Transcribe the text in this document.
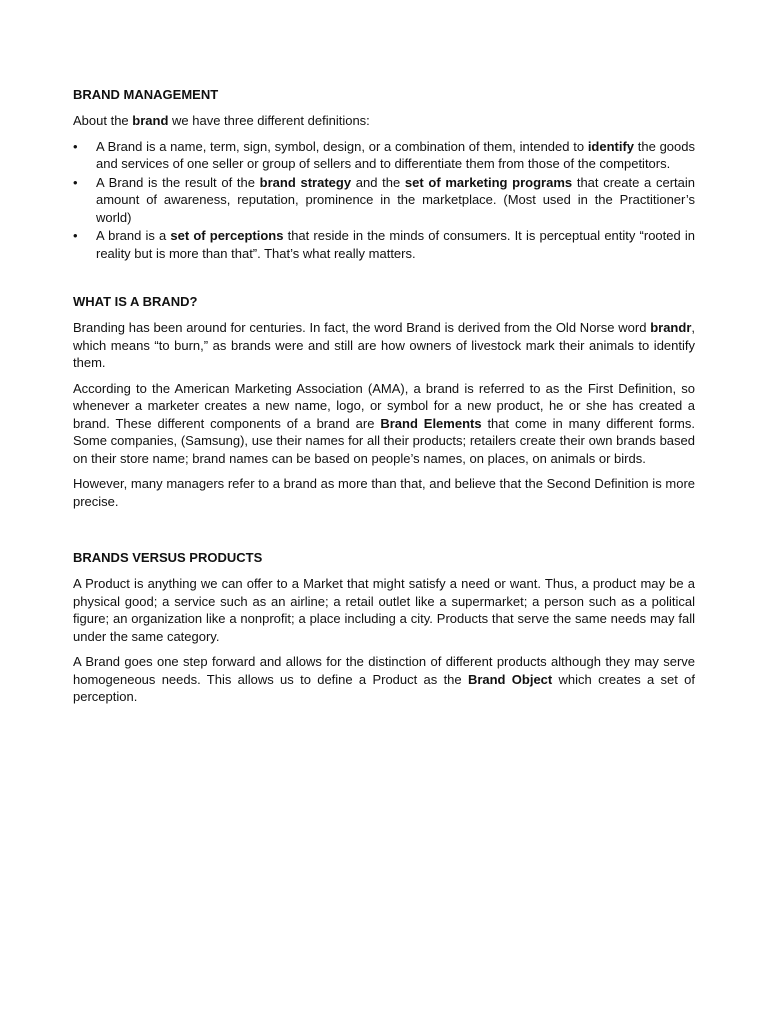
BRAND MANAGEMENT

About the brand we have three different definitions:

• A Brand is a name, term, sign, symbol, design, or a combination of them, intended to identify the goods and services of one seller or group of sellers and to differentiate them from those of the competitors.
• A Brand is the result of the brand strategy and the set of marketing programs that create a certain amount of awareness, reputation, prominence in the marketplace. (Most used in the Practitioner’s world)
• A brand is a set of perceptions that reside in the minds of consumers. It is perceptual entity “rooted in reality but is more than that”. That’s what really matters.
WHAT IS A BRAND?

Branding has been around for centuries. In fact, the word Brand is derived from the Old Norse word brandr, which means “to burn,” as brands were and still are how owners of livestock mark their animals to identify them.

According to the American Marketing Association (AMA), a brand is referred to as the First Definition, so whenever a marketer creates a new name, logo, or symbol for a new product, he or she has created a brand. These different components of a brand are Brand Elements that come in many different forms. Some companies, (Samsung), use their names for all their products; retailers create their own brands based on their store name; brand names can be based on people’s names, on places, on animals or birds.

However, many managers refer to a brand as more than that, and believe that the Second Definition is more precise.

BRANDS VERSUS PRODUCTS

A Product is anything we can offer to a Market that might satisfy a need or want. Thus, a product may be a physical good; a service such as an airline; a retail outlet like a supermarket; a person such as a political figure; an organization like a nonprofit; a place including a city. Products that serve the same needs may fall under the same category.

A Brand goes one step forward and allows for the distinction of different products although they may serve homogeneous needs. This allows us to define a Product as the Brand Object which creates a set of perception.
